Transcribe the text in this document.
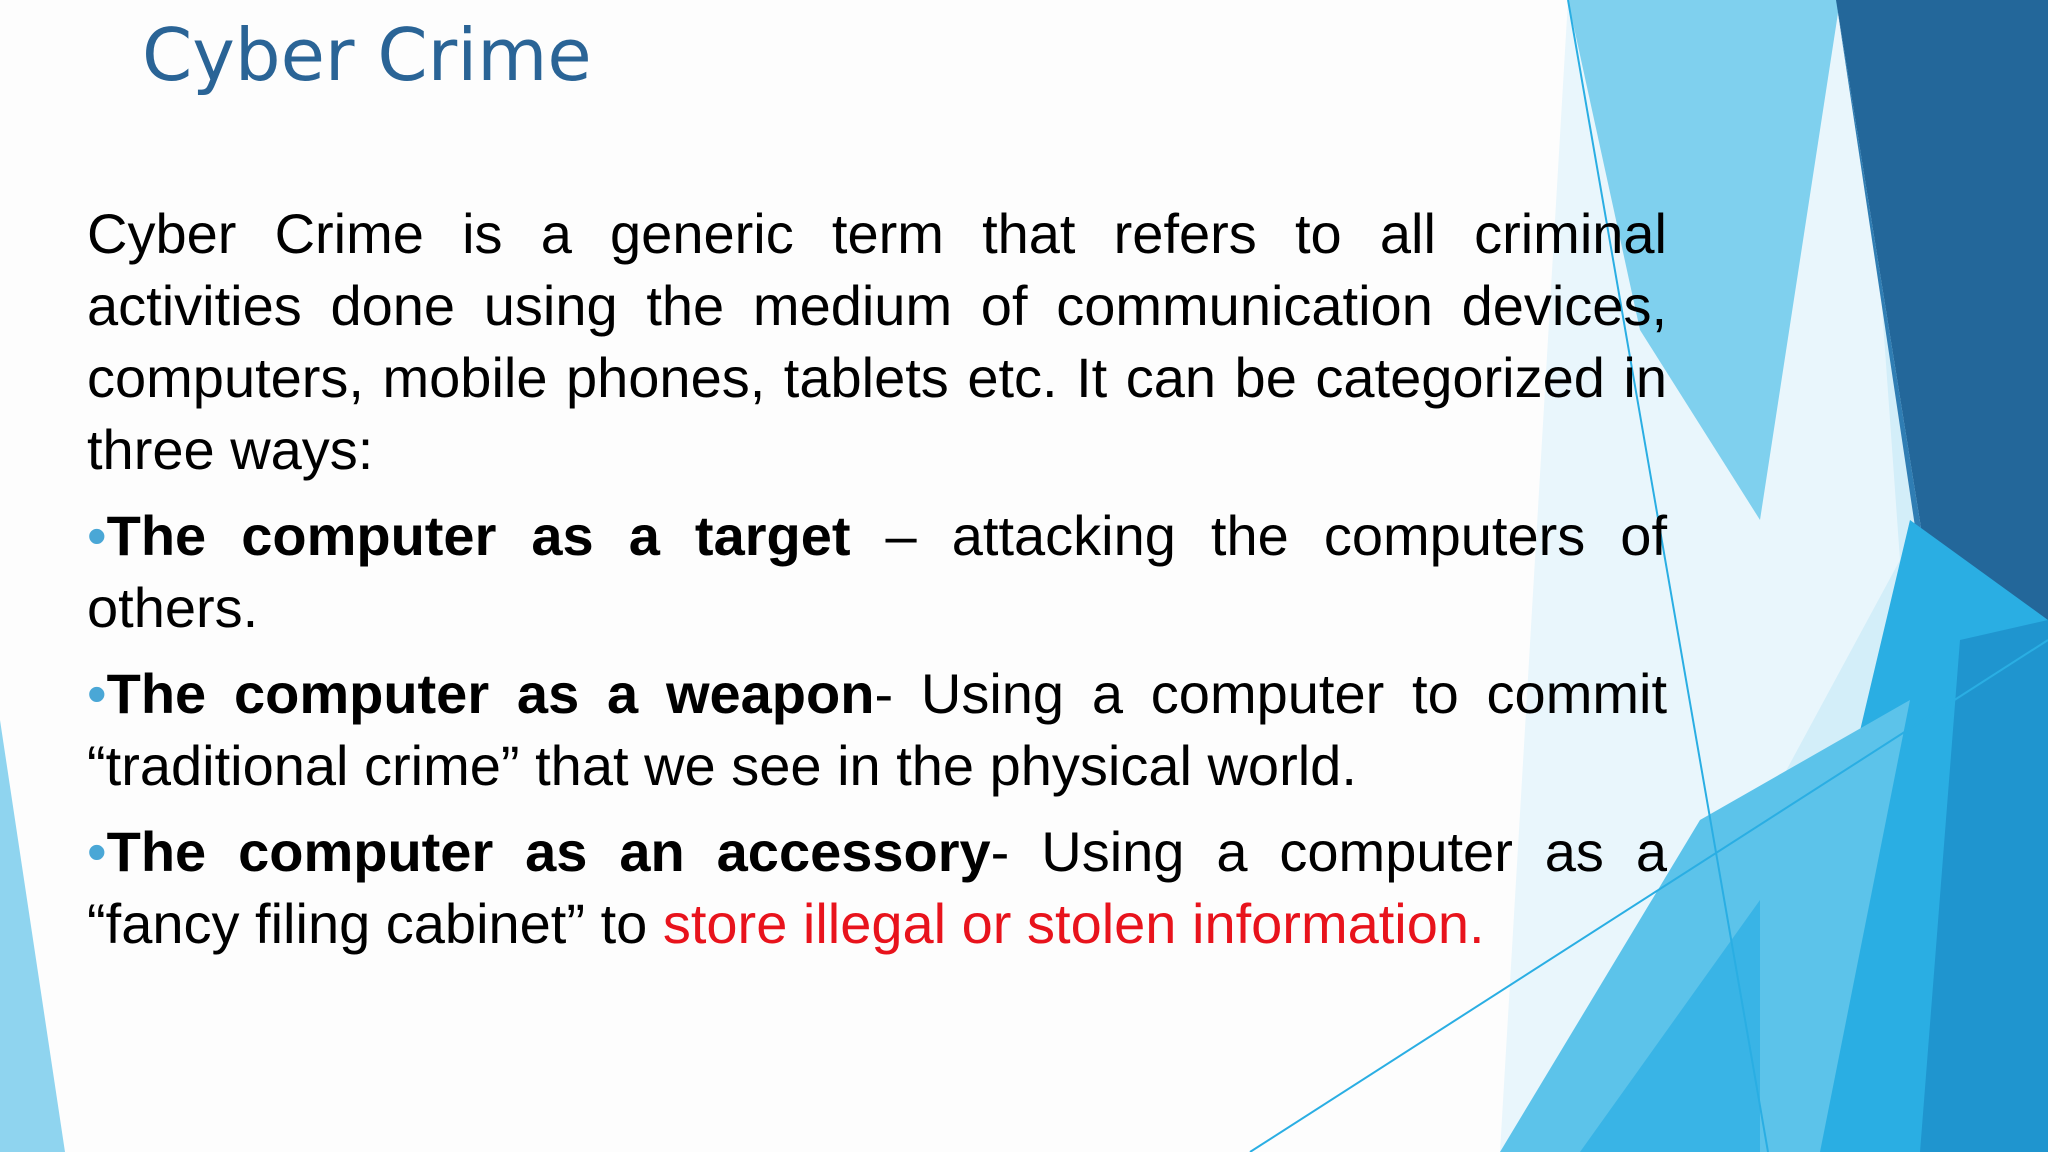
Cyber Crime

Cyber Crime is a generic term that refers to all criminal activities done using the medium of communication devices, computers, mobile phones, tablets etc. It can be categorized in three ways:

•The computer as a target – attacking the computers of others.

•The computer as a weapon- Using a computer to commit “traditional crime” that we see in the physical world.

•The computer as an accessory- Using a computer as a “fancy filing cabinet” to store illegal or stolen information.
